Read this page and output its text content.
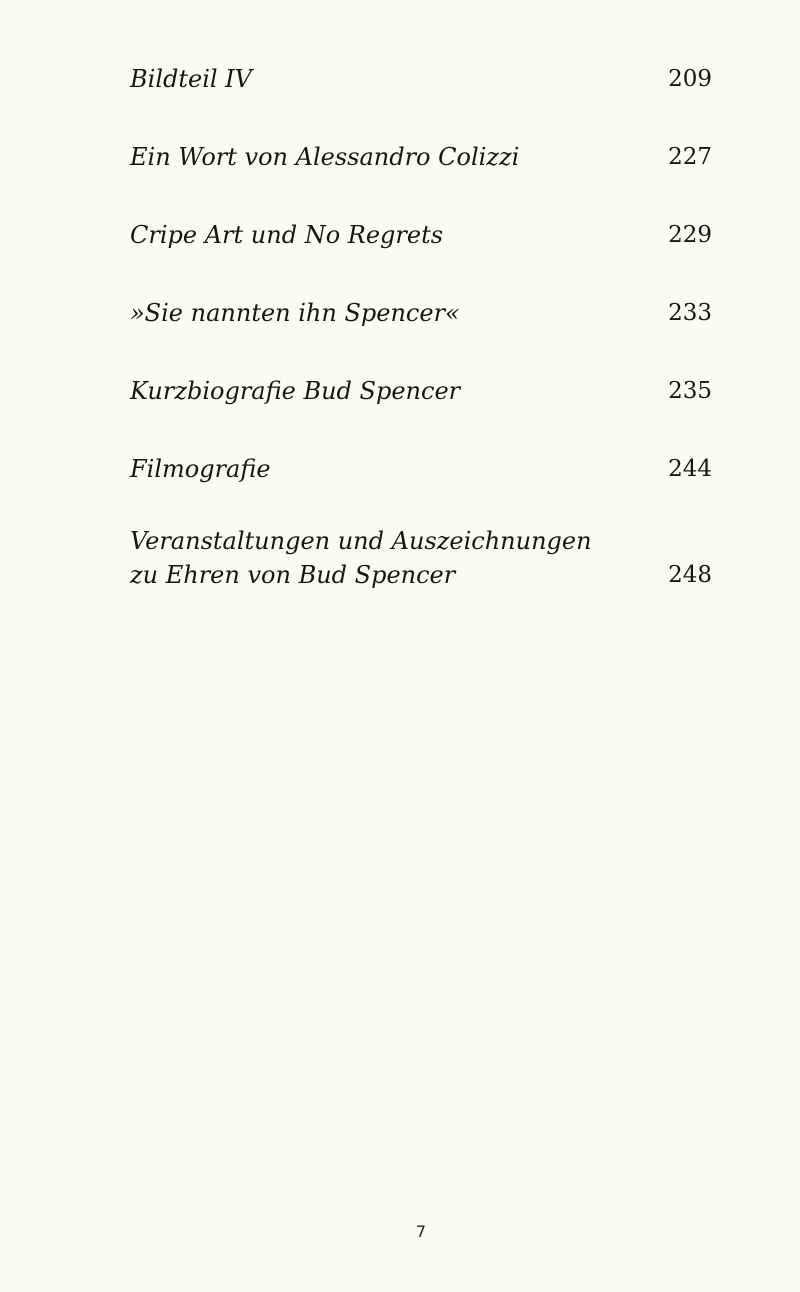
Bildteil IV	209
Ein Wort von Alessandro Colizzi	227
Cripe Art und No Regrets	229
»Sie nannten ihn Spencer«	233
Kurzbiografie Bud Spencer	235
Filmografie	244
Veranstaltungen und Auszeichnungen
zu Ehren von Bud Spencer	248
7
